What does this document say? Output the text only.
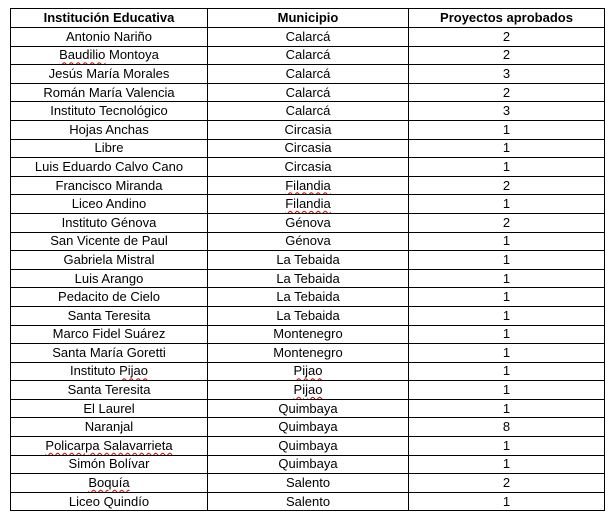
Institución Educativa	Municipio	Proyectos aprobados
Antonio Nariño	Calarcá	2
Baudilio Montoya	Calarcá	2
Jesús María Morales	Calarcá	3
Román María Valencia	Calarcá	2
Instituto Tecnológico	Calarcá	3
Hojas Anchas	Circasia	1
Libre	Circasia	1
Luis Eduardo Calvo Cano	Circasia	1
Francisco Miranda	Filandia	2
Liceo Andino	Filandia	1
Instituto Génova	Génova	2
San Vicente de Paul	Génova	1
Gabriela Mistral	La Tebaida	1
Luis Arango	La Tebaida	1
Pedacito de Cielo	La Tebaida	1
Santa Teresita	La Tebaida	1
Marco Fidel Suárez	Montenegro	1
Santa María Goretti	Montenegro	1
Instituto Pijao	Pijao	1
Santa Teresita	Pijao	1
El Laurel	Quimbaya	1
Naranjal	Quimbaya	8
Policarpa Salavarrieta	Quimbaya	1
Simón Bolívar	Quimbaya	1
Boquía	Salento	2
Liceo Quindío	Salento	1
